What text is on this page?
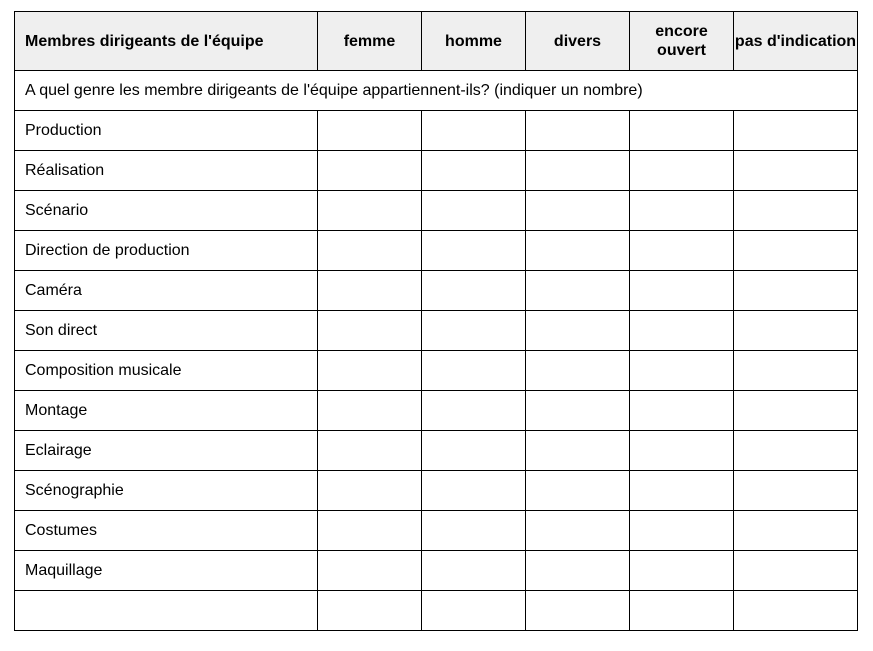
Membres dirigeants de l'équipe	femme	homme	divers	encore ouvert	pas d'indication
A quel genre les membre dirigeants de l'équipe appartiennent-ils? (indiquer un nombre)					
Production					
Réalisation					
Scénario					
Direction de production					
Caméra					
Son direct					
Composition musicale					
Montage					
Eclairage					
Scénographie					
Costumes					
Maquillage					
